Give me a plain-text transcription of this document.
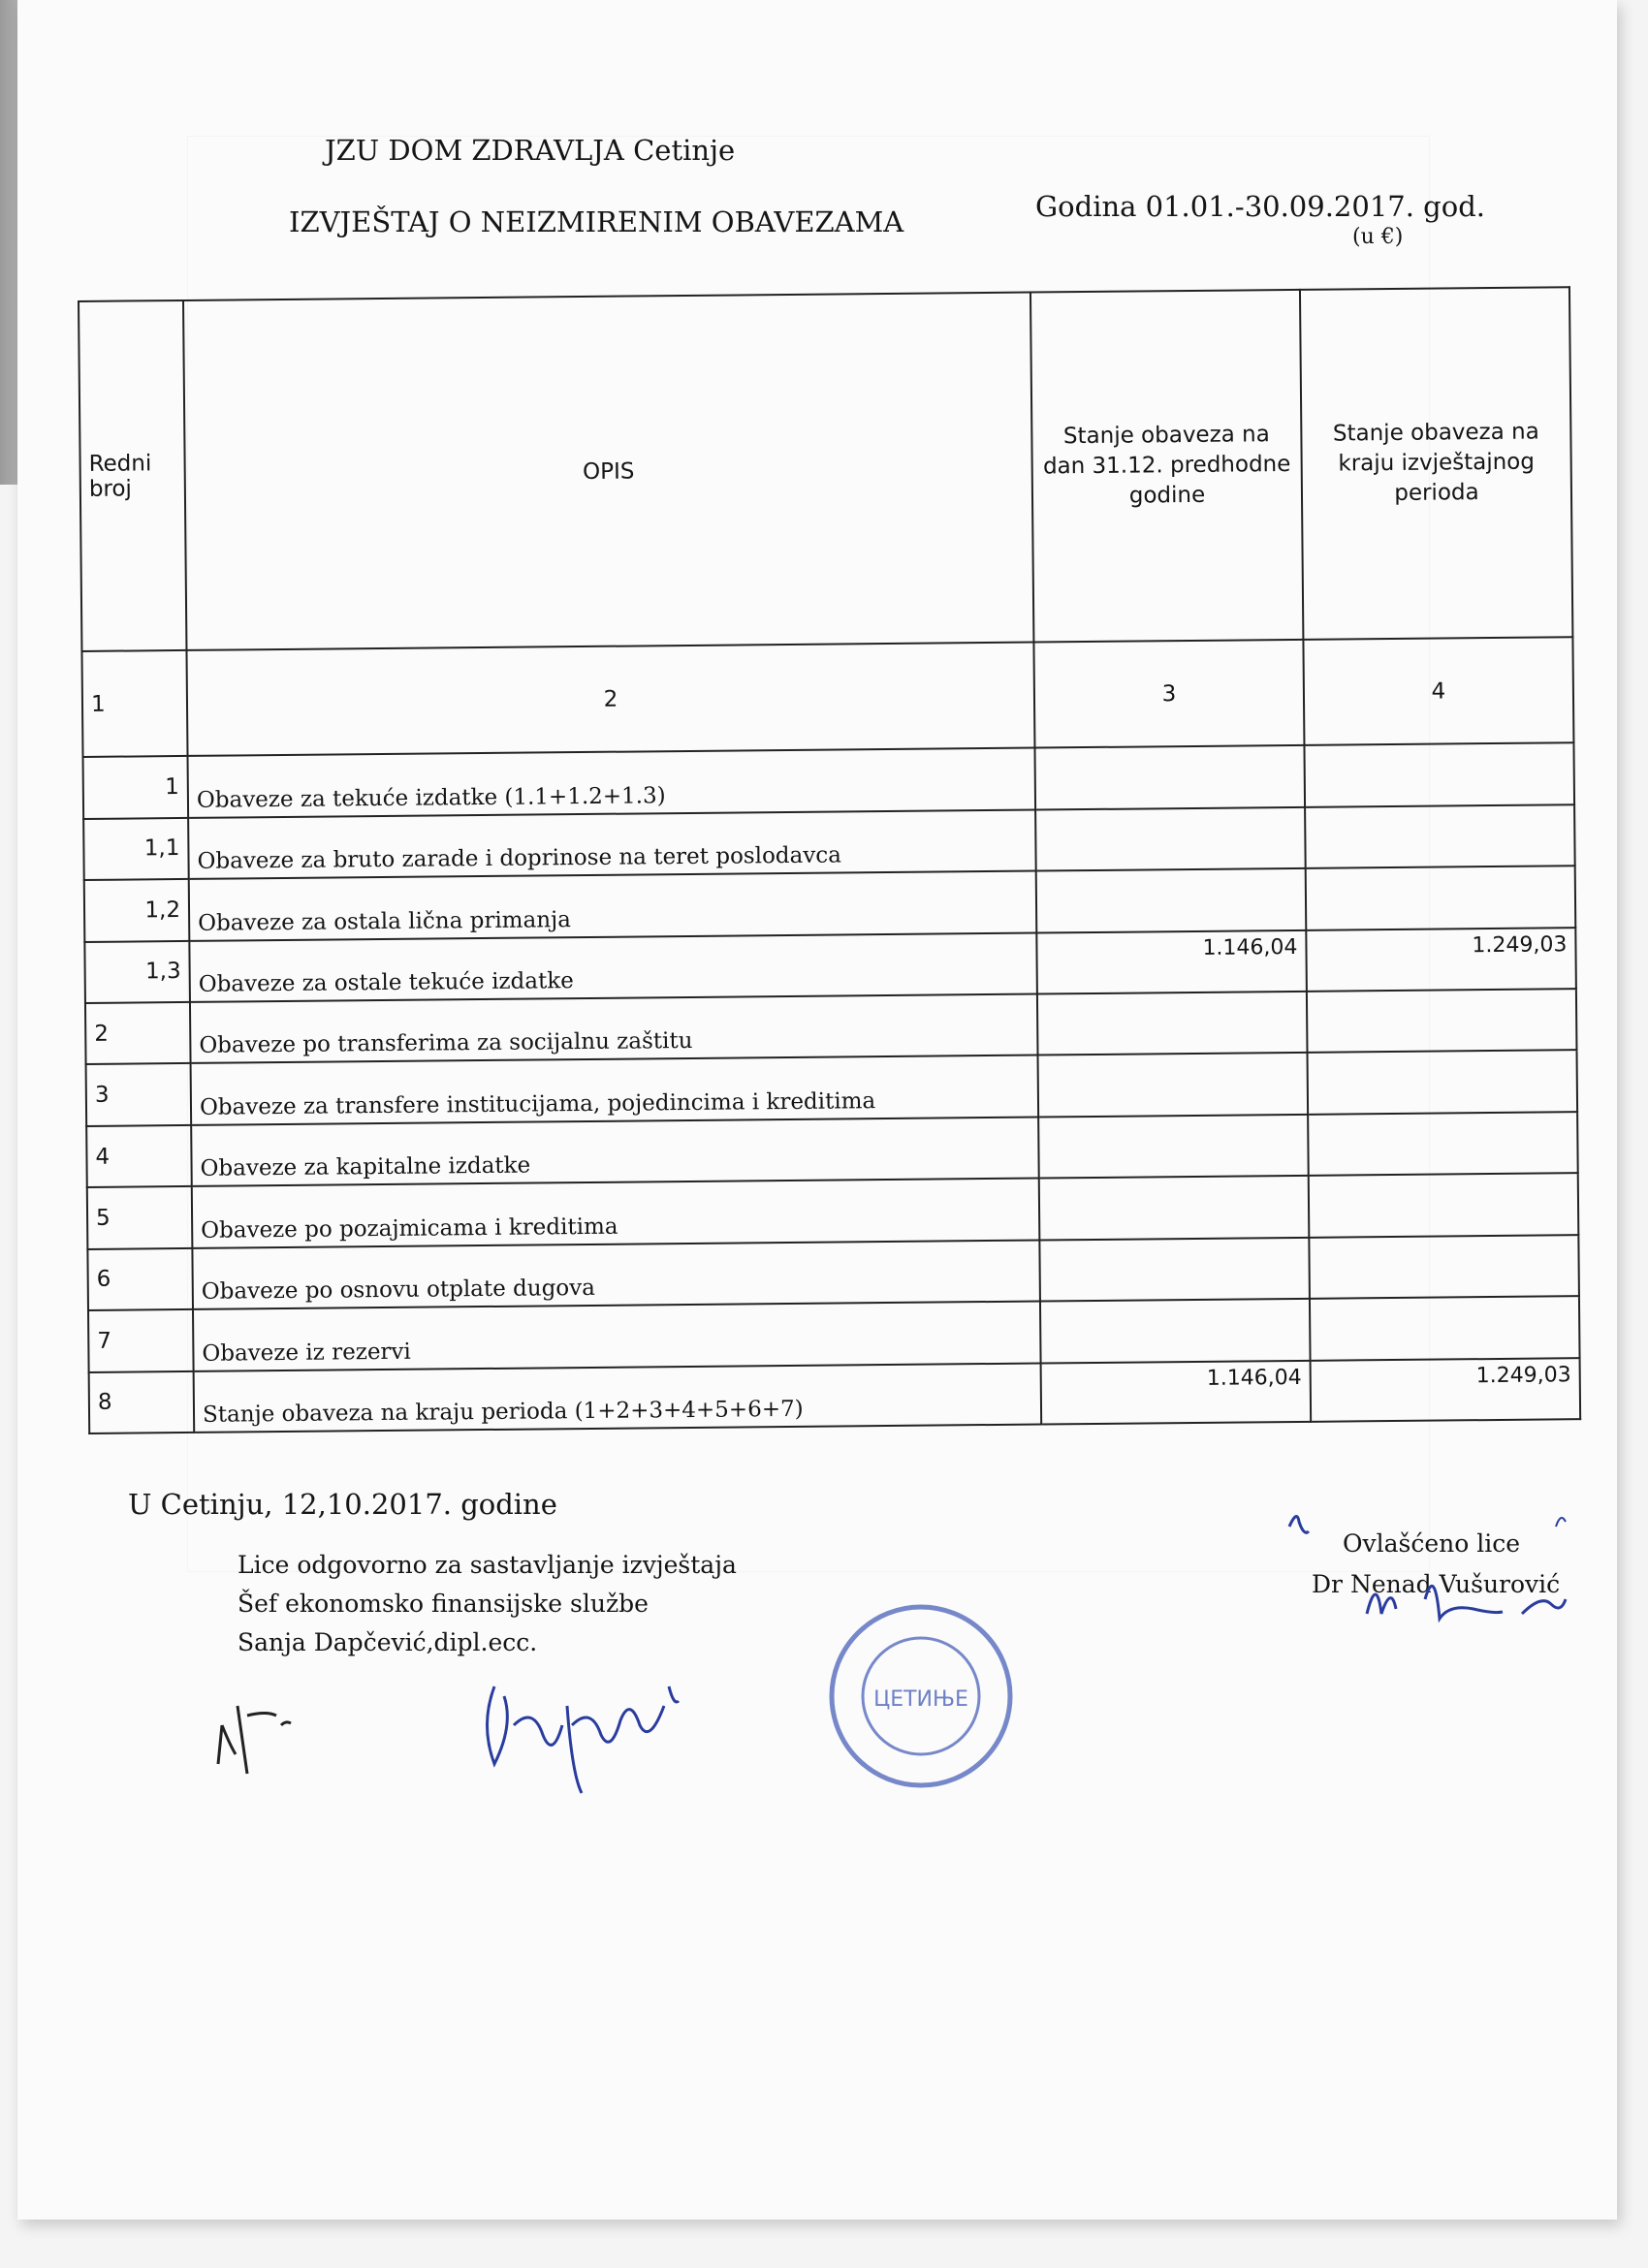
JZU DOM ZDRAVLJA Cetinje
IZVJEŠTAJ O NEIZMIRENIM OBAVEZAMA	Godina 01.01.-30.09.2017. god.
(u €)
Redni broj	OPIS	Stanje obaveza na dan 31.12. predhodne godine	Stanje obaveza na kraju izvještajnog perioda
1	2	3	4
1	Obaveze za tekuće izdatke (1.1+1.2+1.3)		
1,1	Obaveze za bruto zarade i doprinose na teret poslodavca		
1,2	Obaveze za ostala lična primanja		
1,3	Obaveze za ostale tekuće izdatke	1.146,04	1.249,03
2	Obaveze po transferima za socijalnu zaštitu		
3	Obaveze za transfere institucijama, pojedincima i kreditima		
4	Obaveze za kapitalne izdatke		
5	Obaveze po pozajmicama i kreditima		
6	Obaveze po osnovu otplate dugova		
7	Obaveze iz rezervi		
8	Stanje obaveza na kraju perioda (1+2+3+4+5+6+7)	1.146,04	1.249,03
U Cetinju, 12,10.2017. godine
Lice odgovorno za sastavljanje izvještaja
Šef ekonomsko finansijske službe
Sanja Dapčević,dipl.ecc.
Ovlašćeno lice
Dr Nenad Vušurović
ЦЕТИЊЕ
